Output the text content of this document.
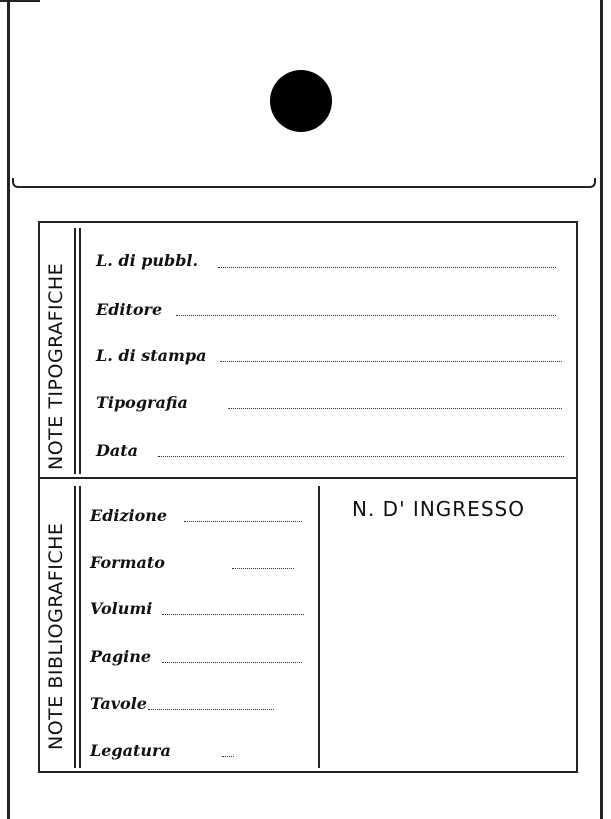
NOTE TIPOGRAFICHE
NOTE BIBLIOGRAFICHE
L. di pubbl.
Editore
L. di stampa
Tipografia
Data
Edizione
Formato
Volumi
Pagine
Tavole
Legatura
N. D' INGRESSO
